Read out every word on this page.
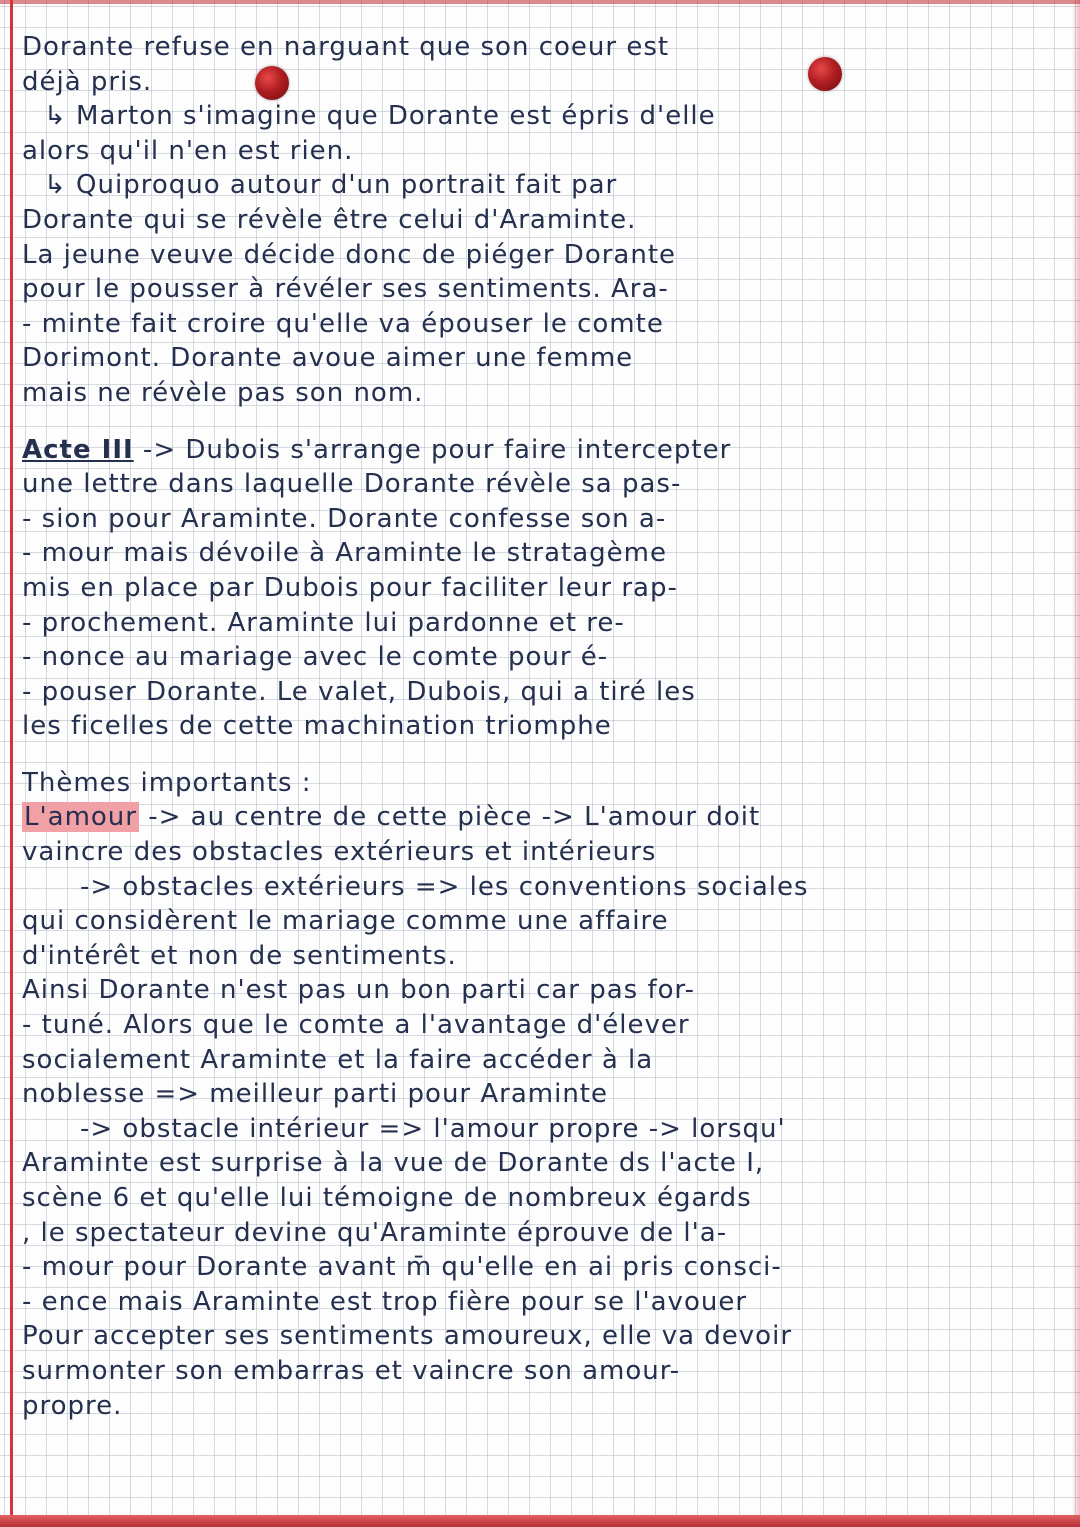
Dorante refuse en narguant que son coeur est
déjà pris.
↳ Marton s'imagine que Dorante est épris d'elle
alors qu'il n'en est rien.
↳ Quiproquo autour d'un portrait fait par
Dorante qui se révèle être celui d'Araminte.
La jeune veuve décide donc de piéger Dorante
pour le pousser à révéler ses sentiments. Ara-
- minte fait croire qu'elle va épouser le comte
Dorimont. Dorante avoue aimer une femme
mais ne révèle pas son nom.
Acte III -> Dubois s'arrange pour faire intercepter
une lettre dans laquelle Dorante révèle sa pas-
- sion pour Araminte. Dorante confesse son a-
- mour mais dévoile à Araminte le stratagème
mis en place par Dubois pour faciliter leur rap-
- prochement. Araminte lui pardonne et re-
- nonce au mariage avec le comte pour é-
- pouser Dorante. Le valet, Dubois, qui a tiré les
les ficelles de cette machination triomphe
Thèmes importants :
L'amour -> au centre de cette pièce -> L'amour doit
vaincre des obstacles extérieurs et intérieurs
-> obstacles extérieurs => les conventions sociales
qui considèrent le mariage comme une affaire
d'intérêt et non de sentiments.
Ainsi Dorante n'est pas un bon parti car pas for-
- tuné. Alors que le comte a l'avantage d'élever
socialement Araminte et la faire accéder à la
noblesse => meilleur parti pour Araminte
-> obstacle intérieur => l'amour propre -> lorsqu'
Araminte est surprise à la vue de Dorante ds l'acte I,
scène 6 et qu'elle lui témoigne de nombreux égards
, le spectateur devine qu'Araminte éprouve de l'a-
- mour pour Dorante avant m̄ qu'elle en ai pris consci-
- ence mais Araminte est trop fière pour se l'avouer
Pour accepter ses sentiments amoureux, elle va devoir
surmonter son embarras et vaincre son amour-
propre.
